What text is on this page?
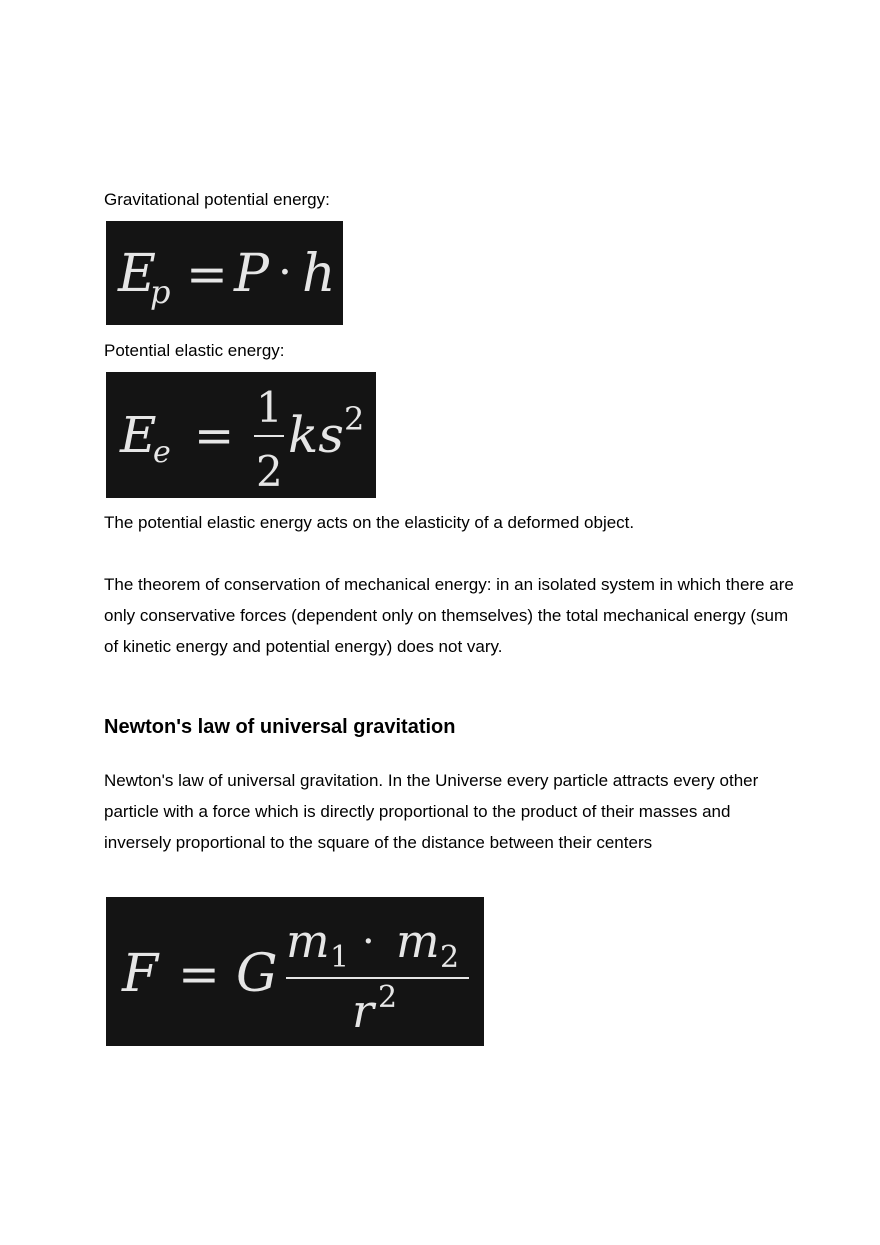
Gravitational potential energy:

E
p = P · h

Potential elastic energy:

E
e =
1
2
ks 2

The potential elastic energy acts on the elasticity of a deformed object.

The theorem of conservation of mechanical energy: in an isolated system in which there are only conservative forces (dependent only on themselves) the total mechanical energy (sum of kinetic energy and potential energy) does not vary.

Newton's law of universal gravitation

Newton's law of universal gravitation. In the Universe every particle attracts every other particle with a force which is directly proportional to the product of their masses and inversely proportional to the square of the distance between their centers

F = G
m 1 · m 2
r 2
